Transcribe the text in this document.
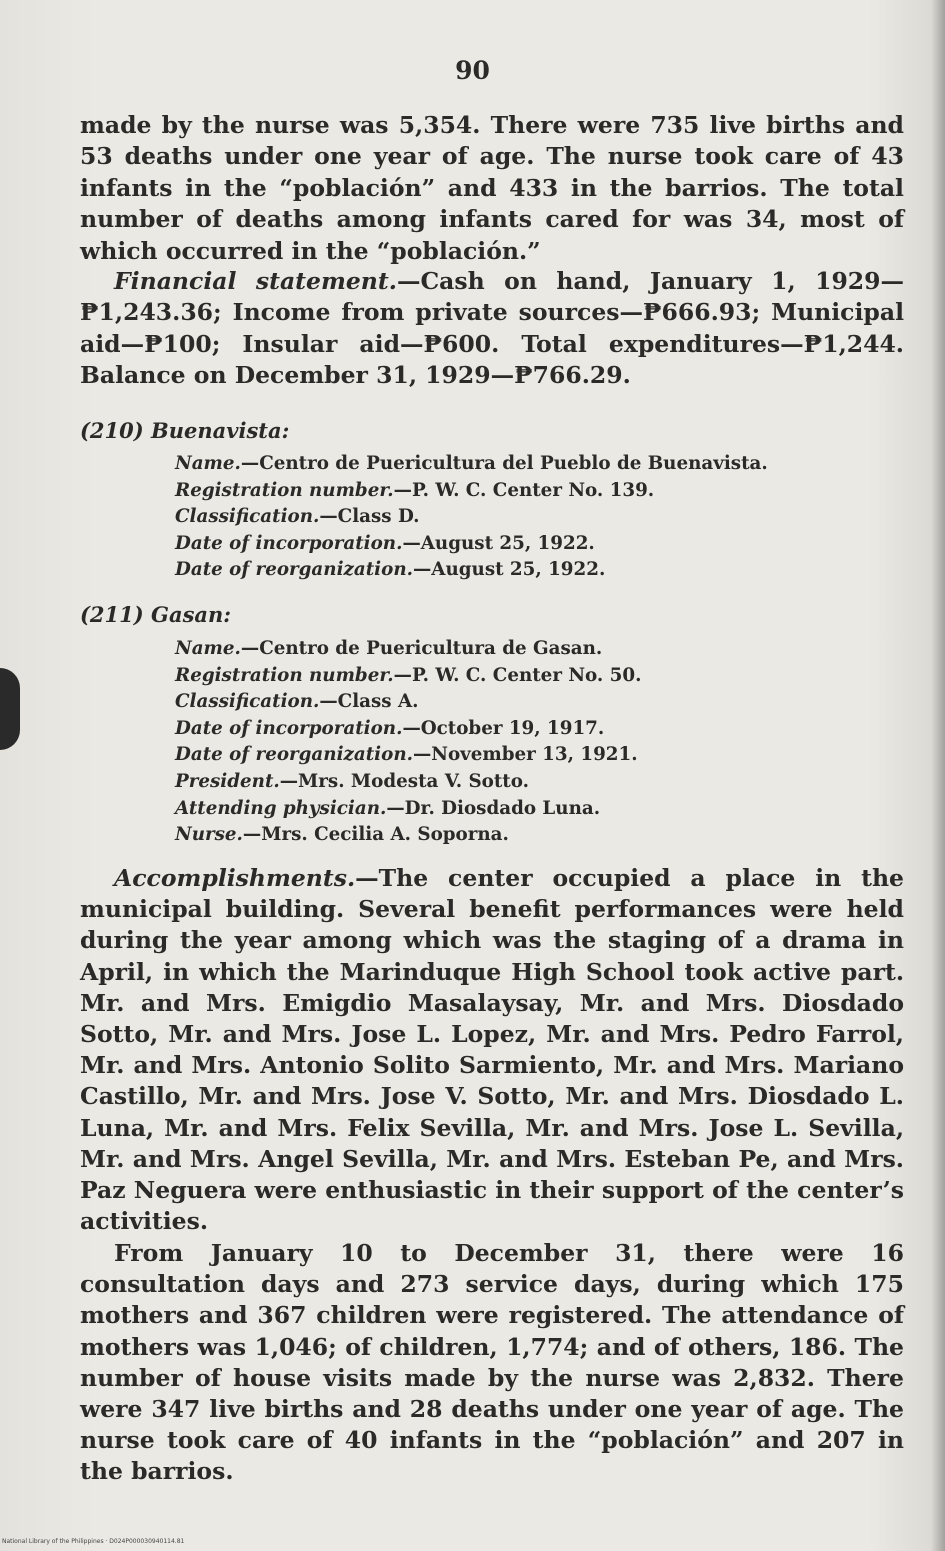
90

made by the nurse was 5,354. There were 735 live births and 53 deaths under one year of age. The nurse took care of 43 infants in the “población” and 433 in the barrios. The total number of deaths among infants cared for was 34, most of which occurred in the “población.”

Financial statement.—Cash on hand, January 1, 1929—₱1,243.36; Income from private sources—₱666.93; Municipal aid—₱100; Insular aid—₱600. Total expenditures—₱1,244. Balance on December 31, 1929—₱766.29.

(210) Buenavista:
Name.—Centro de Puericultura del Pueblo de Buenavista.
Registration number.—P. W. C. Center No. 139.
Classification.—Class D.
Date of incorporation.—August 25, 1922.
Date of reorganization.—August 25, 1922.
(211) Gasan:
Name.—Centro de Puericultura de Gasan.
Registration number.—P. W. C. Center No. 50.
Classification.—Class A.
Date of incorporation.—October 19, 1917.
Date of reorganization.—November 13, 1921.
President.—Mrs. Modesta V. Sotto.
Attending physician.—Dr. Diosdado Luna.
Nurse.—Mrs. Cecilia A. Soporna.

Accomplishments.—The center occupied a place in the municipal building. Several benefit performances were held during the year among which was the staging of a drama in April, in which the Marinduque High School took active part. Mr. and Mrs. Emigdio Masalaysay, Mr. and Mrs. Diosdado Sotto, Mr. and Mrs. Jose L. Lopez, Mr. and Mrs. Pedro Farrol, Mr. and Mrs. Antonio Solito Sarmiento, Mr. and Mrs. Mariano Castillo, Mr. and Mrs. Jose V. Sotto, Mr. and Mrs. Diosdado L. Luna, Mr. and Mrs. Felix Sevilla, Mr. and Mrs. Jose L. Sevilla, Mr. and Mrs. Angel Sevilla, Mr. and Mrs. Esteban Pe, and Mrs. Paz Neguera were enthusiastic in their support of the center’s activities.

From January 10 to December 31, there were 16 consultation days and 273 service days, during which 175 mothers and 367 children were registered. The attendance of mothers was 1,046; of children, 1,774; and of others, 186. The number of house visits made by the nurse was 2,832. There were 347 live births and 28 deaths under one year of age. The nurse took care of 40 infants in the “población” and 207 in the barrios.

National Library of the Philippines · D024P000030940114.81
